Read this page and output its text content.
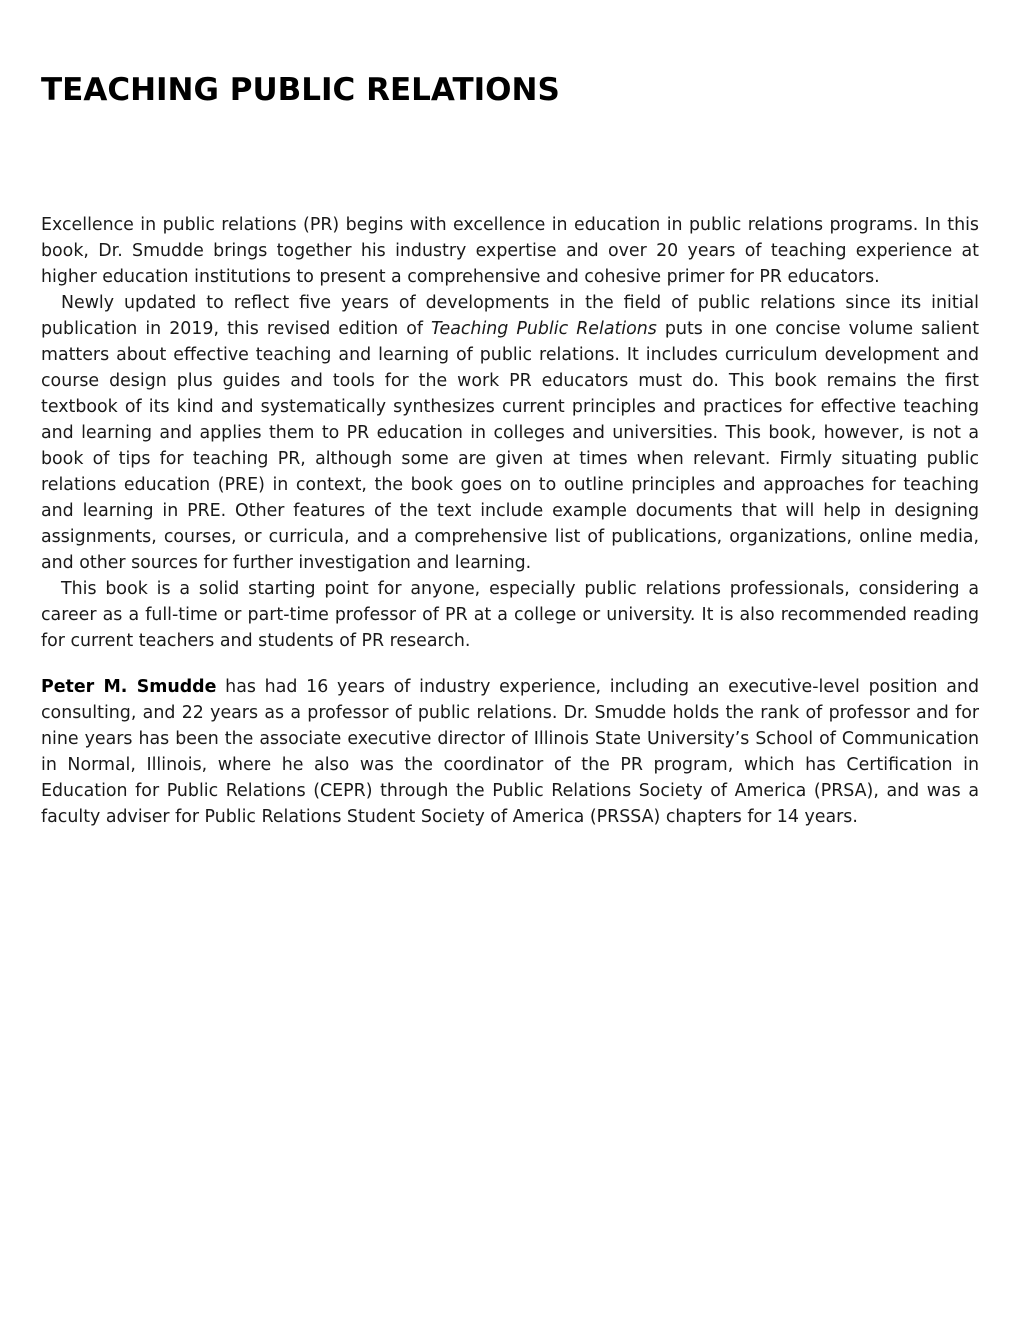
TEACHING PUBLIC RELATIONS

Excellence in public relations (PR) begins with excellence in education in public relations programs. In this book, Dr. Smudde brings together his industry expertise and over 20 years of teaching experience at higher education institutions to present a comprehensive and cohesive primer for PR educators.

Newly updated to reflect five years of developments in the field of public relations since its initial publication in 2019, this revised edition of Teaching Public Relations puts in one concise volume salient matters about effective teaching and learning of public relations. It includes curriculum development and course design plus guides and tools for the work PR educators must do. This book remains the first textbook of its kind and systematically synthesizes current principles and practices for effective teaching and learning and applies them to PR education in colleges and universities. This book, however, is not a book of tips for teaching PR, although some are given at times when relevant. Firmly situating public relations education (PRE) in context, the book goes on to outline principles and approaches for teaching and learning in PRE. Other features of the text include example documents that will help in designing assignments, courses, or curricula, and a comprehensive list of publications, organizations, online media, and other sources for further investigation and learning.

This book is a solid starting point for anyone, especially public relations professionals, considering a career as a full-time or part-time professor of PR at a college or university. It is also recommended reading for current teachers and students of PR research.

Peter M. Smudde has had 16 years of industry experience, including an executive-level position and consulting, and 22 years as a professor of public relations. Dr. Smudde holds the rank of professor and for nine years has been the associate executive director of Illinois State University’s School of Communication in Normal, Illinois, where he also was the coordinator of the PR program, which has Certification in Education for Public Relations (CEPR) through the Public Relations Society of America (PRSA), and was a faculty adviser for Public Relations Student Society of America (PRSSA) chapters for 14 years.
